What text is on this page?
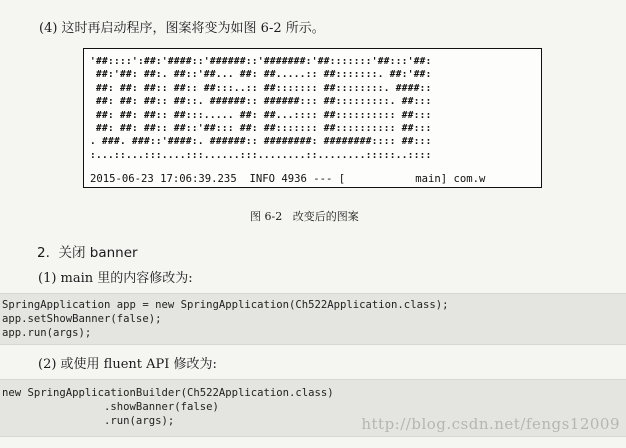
(4) 这时再启动程序，图案将变为如图 6-2 所示。
'##::::':##:'####::'######::'#######:'##:::::::'##:::'##:
##:'##: ##:. ##::'##... ##: ##.....:: ##:::::::. ##:'##:
##: ##: ##:: ##:: ##:::..:: ##::::::: ##::::::::. ####::
##: ##: ##:: ##::. ######:: ######::: ##:::::::::. ##:::
##: ##: ##:: ##:::..... ##: ##...:::: ##:::::::::: ##:::
##: ##: ##:: ##::'##::: ##: ##::::::: ##:::::::::: ##:::
. ###. ###::'####:. ######:: ########: ########:::: ##:::
:...::...:::....:::......:::........::........:::::..::::
2015-06-23 17:06:39.235  INFO 4936 --- [           main] com.w
图 6-2   改变后的图案
2.  关闭 banner
(1) main 里的内容修改为:
SpringApplication app = new SpringApplication(Ch522Application.class);
app.setShowBanner(false);
app.run(args);
(2) 或使用 fluent API 修改为:
new SpringApplicationBuilder(Ch522Application.class)
.showBanner(false)
.run(args);	http://blog.csdn.net/fengs12009
